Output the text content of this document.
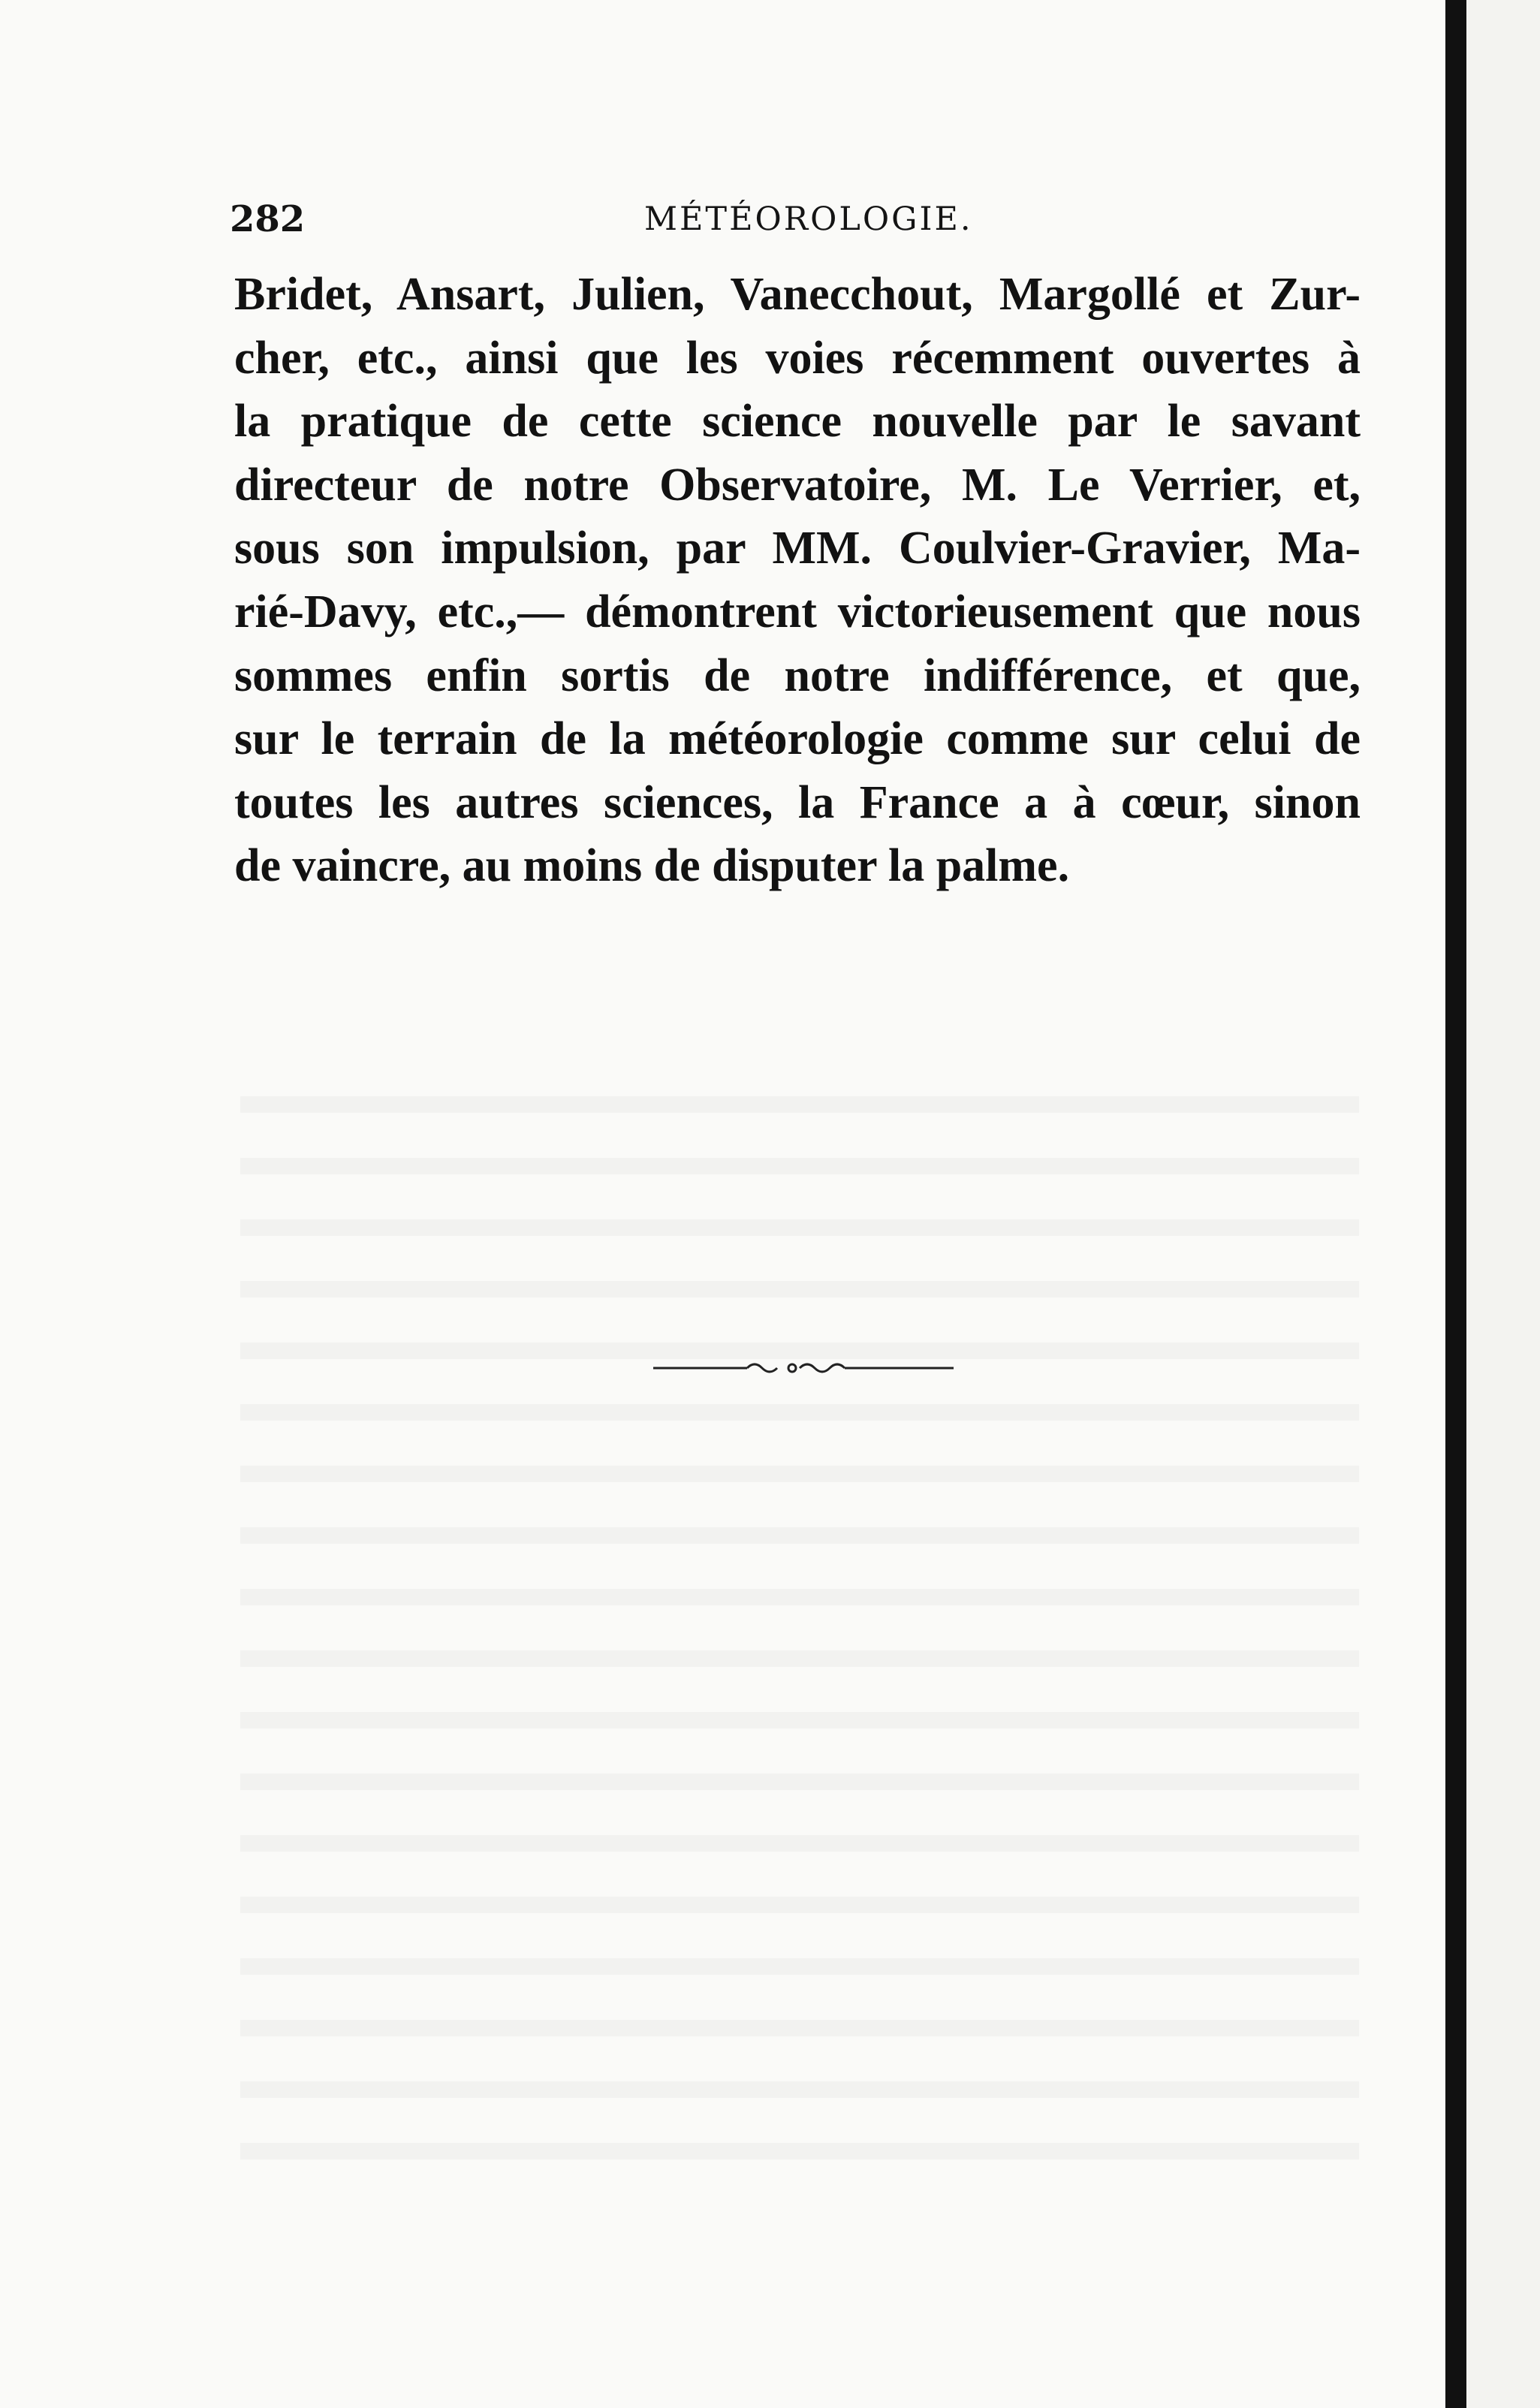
282	MÉTÉOROLOGIE.
Bridet, Ansart, Julien, Vanecchout, Margollé et Zur-
cher, etc., ainsi que les voies récemment ouvertes à
la pratique de cette science nouvelle par le savant
directeur de notre Observatoire, M. Le Verrier, et,
sous son impulsion, par MM. Coulvier-Gravier, Ma-
rié-Davy, etc.,— démontrent victorieusement que nous
sommes enfin sortis de notre indifférence, et que,
sur le terrain de la météorologie comme sur celui de
toutes les autres sciences, la France a à cœur, sinon
de vaincre, au moins de disputer la palme.
